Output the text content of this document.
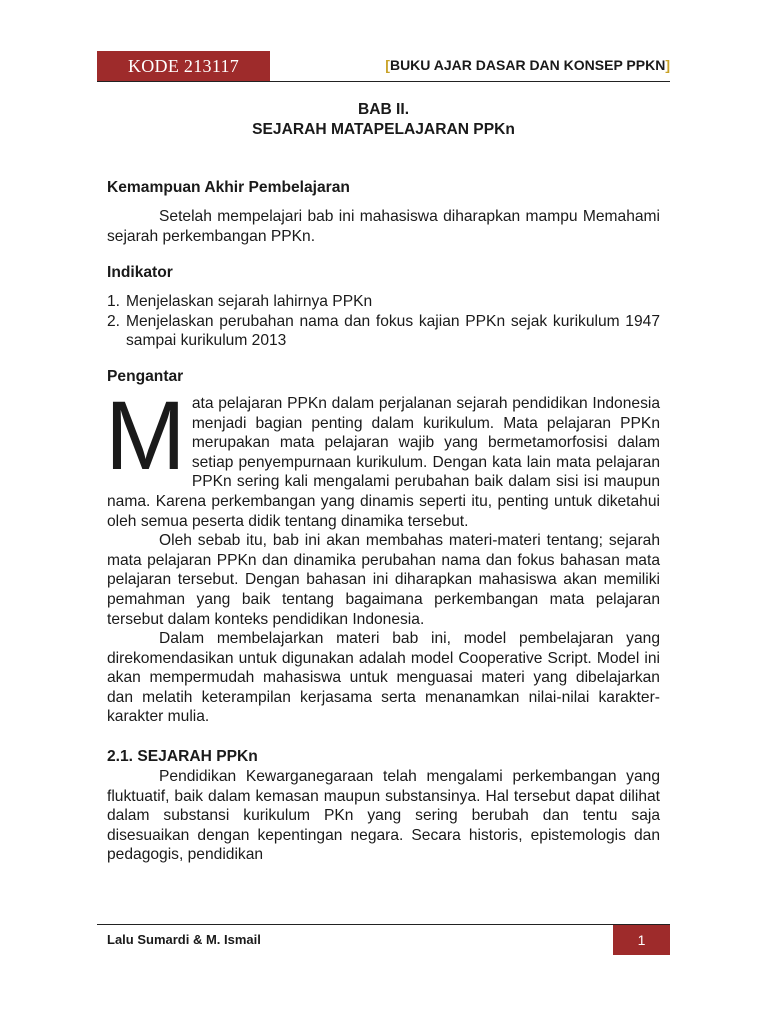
KODE 213117	[BUKU AJAR DASAR DAN KONSEP PPKN]
BAB II.
SEJARAH MATAPELAJARAN PPKn
Kemampuan Akhir Pembelajaran

Setelah mempelajari bab ini mahasiswa diharapkan mampu Memahami sejarah perkembangan PPKn.

Indikator
1. Menjelaskan sejarah lahirnya PPKn
2. Menjelaskan perubahan nama dan fokus kajian PPKn sejak kurikulum 1947 sampai kurikulum 2013
Pengantar
M ata pelajaran PPKn dalam perjalanan sejarah pendidikan Indonesia menjadi bagian penting dalam kurikulum. Mata pelajaran PPKn merupakan mata pelajaran wajib yang bermetamorfosisi dalam setiap penyempurnaan kurikulum. Dengan kata lain mata pelajaran PPKn sering kali mengalami perubahan baik dalam sisi isi maupun nama. Karena perkembangan yang dinamis seperti itu, penting untuk diketahui oleh semua peserta didik tentang dinamika tersebut.

Oleh sebab itu, bab ini akan membahas materi-materi tentang; sejarah mata pelajaran PPKn dan dinamika perubahan nama dan fokus bahasan mata pelajaran tersebut. Dengan bahasan ini diharapkan mahasiswa akan memiliki pemahman yang baik tentang bagaimana perkembangan mata pelajaran tersebut dalam konteks pendidikan Indonesia.

Dalam membelajarkan materi bab ini, model pembelajaran yang direkomendasikan untuk digunakan adalah model Cooperative Script. Model ini akan mempermudah mahasiswa untuk menguasai materi yang dibelajarkan dan melatih keterampilan kerjasama serta menanamkan nilai-nilai karakter-karakter mulia.

2.1. SEJARAH PPKn

Pendidikan Kewarganegaraan telah mengalami perkembangan yang fluktuatif, baik dalam kemasan maupun substansinya. Hal tersebut dapat dilihat dalam substansi kurikulum PKn yang sering berubah dan tentu saja disesuaikan dengan kepentingan negara. Secara historis, epistemologis dan pedagogis, pendidikan

Lalu Sumardi & M. Ismail	1
